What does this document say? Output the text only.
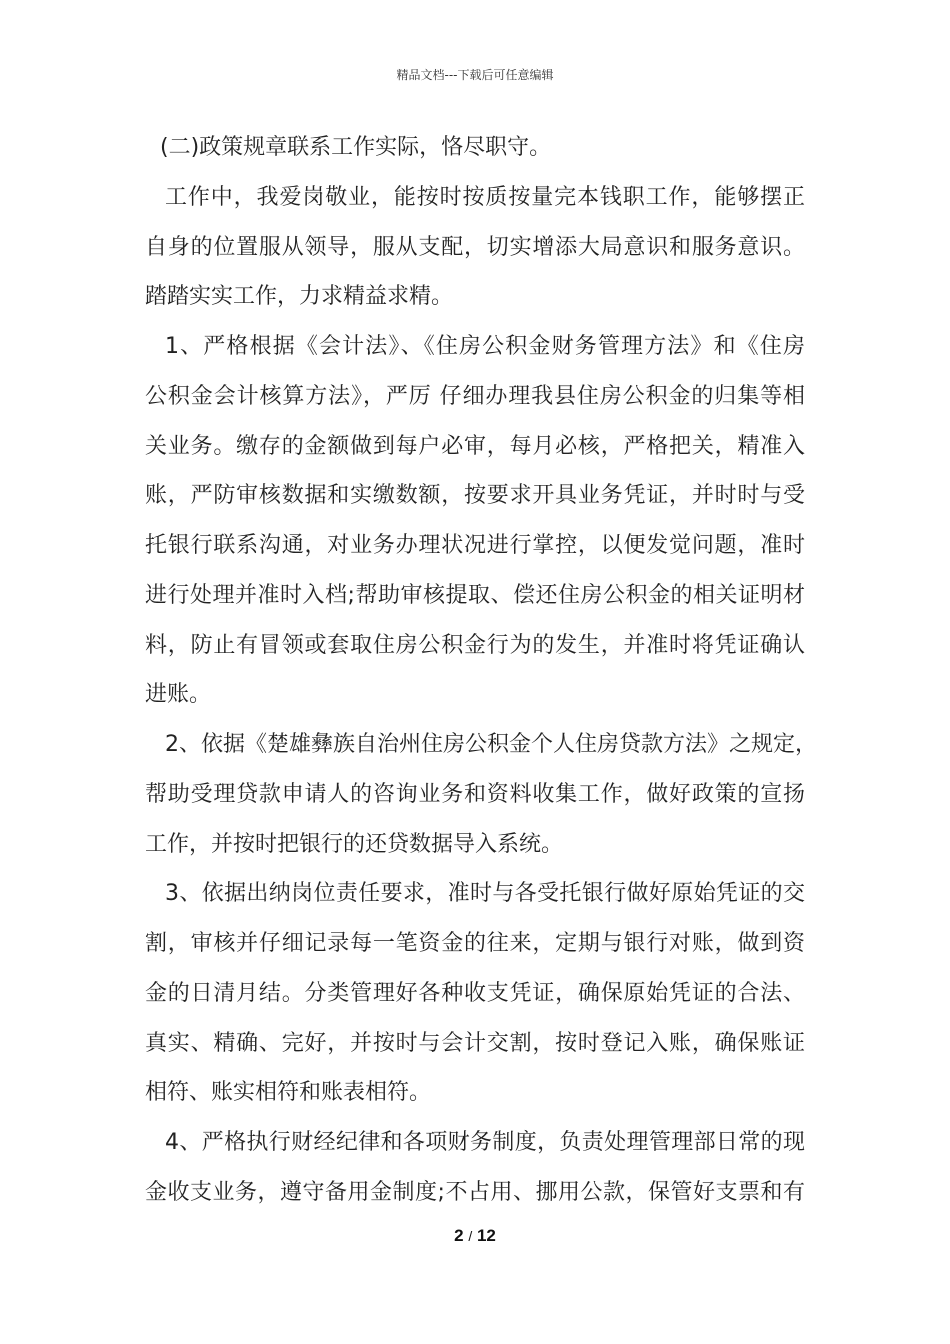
精品文档---下载后可任意编辑
(二)政策规章联系工作实际，恪尽职守。
工作中，我爱岗敬业，能按时按质按量完本钱职工作，能够摆正
自身的位置服从领导，服从支配，切实增添大局意识和服务意识。
踏踏实实工作，力求精益求精。
1、严格根据《会计法》、《住房公积金财务管理方法》和《住房
公积金会计核算方法》，严厉 仔细办理我县住房公积金的归集等相
关业务。缴存的金额做到每户必审，每月必核，严格把关，精准入
账，严防审核数据和实缴数额，按要求开具业务凭证，并时时与受
托银行联系沟通，对业务办理状况进行掌控，以便发觉问题，准时
进行处理并准时入档;帮助审核提取、偿还住房公积金的相关证明材
料，防止有冒领或套取住房公积金行为的发生，并准时将凭证确认
进账。
2、依据《楚雄彝族自治州住房公积金个人住房贷款方法》之规定，
帮助受理贷款申请人的咨询业务和资料收集工作，做好政策的宣扬
工作，并按时把银行的还贷数据导入系统。
3、依据出纳岗位责任要求，准时与各受托银行做好原始凭证的交
割，审核并仔细记录每一笔资金的往来，定期与银行对账，做到资
金的日清月结。分类管理好各种收支凭证，确保原始凭证的合法、
真实、精确、完好，并按时与会计交割，按时登记入账，确保账证
相符、账实相符和账表相符。
4、严格执行财经纪律和各项财务制度，负责处理管理部日常的现
金收支业务，遵守备用金制度;不占用、挪用公款，保管好支票和有
2 / 12
